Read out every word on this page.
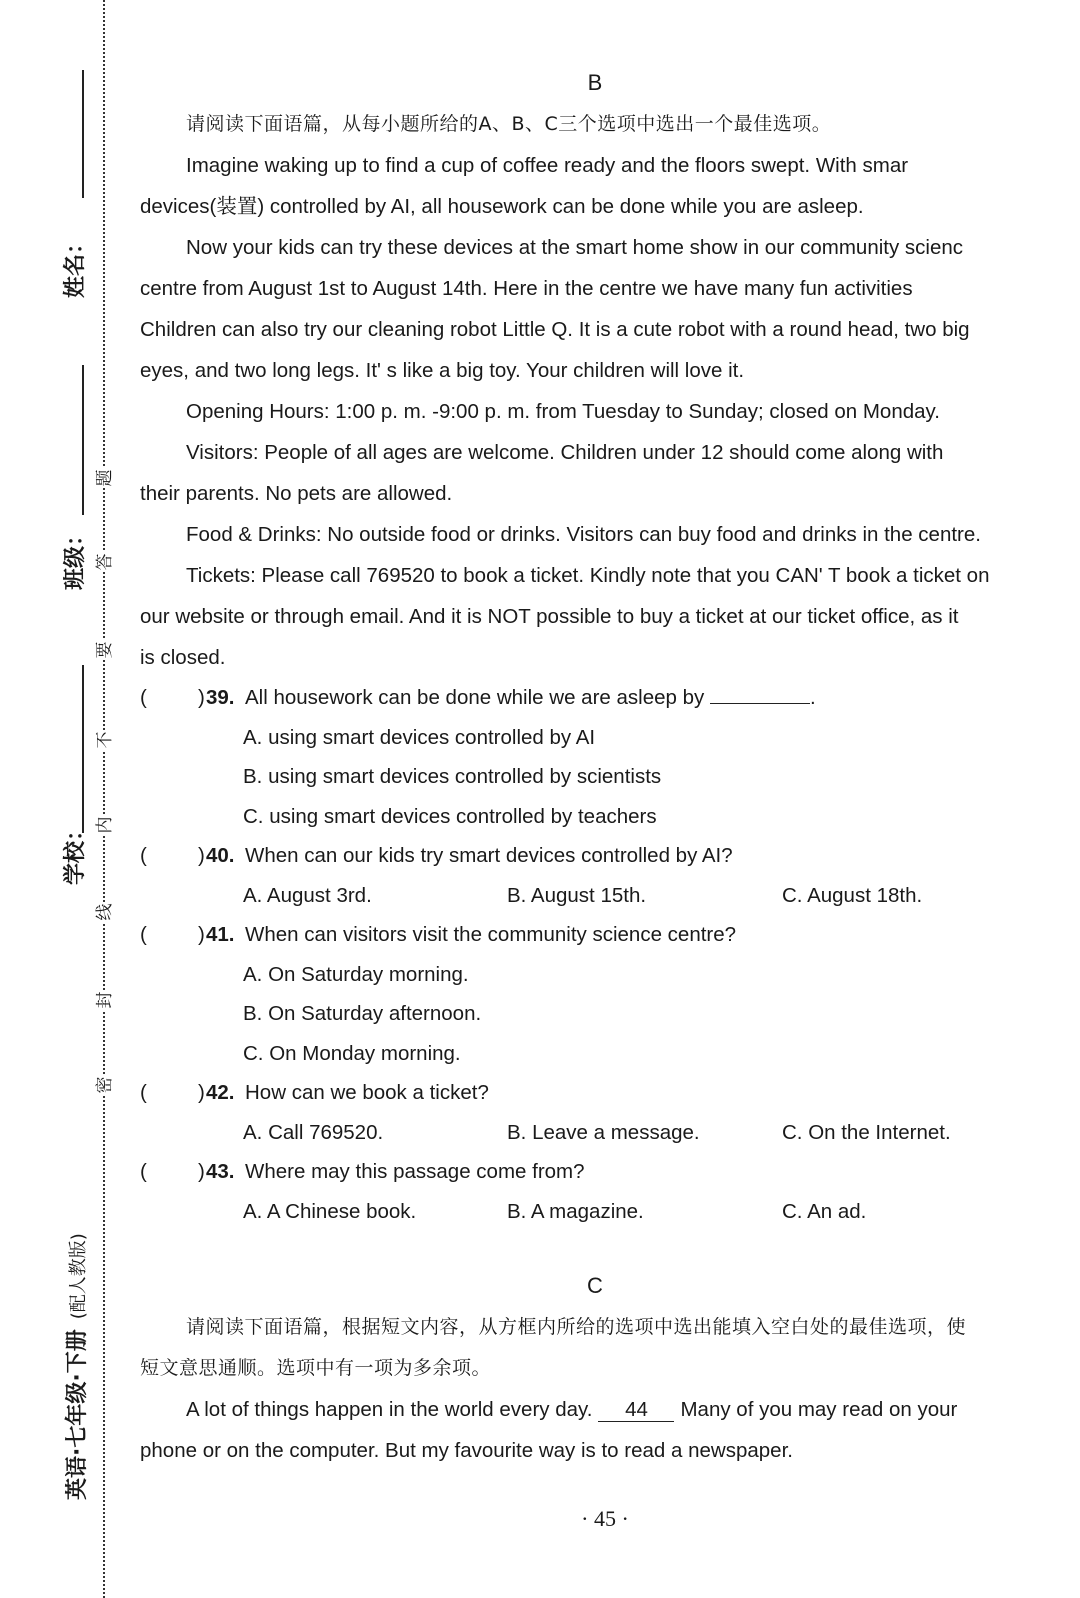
姓名：
班级：
学校：
题
答
要
不
内
线
封
密
英语·七年级·下册(配人教版)
B
请阅读下面语篇，从每小题所给的A、B、C三个选项中选出一个最佳选项。
Imagine waking up to find a cup of coffee ready and the floors swept. With smar
devices(装置) controlled by AI, all housework can be done while you are asleep.
Now your kids can try these devices at the smart home show in our community scienc
centre from August 1st to August 14th. Here in the centre we have many fun activities
Children can also try our cleaning robot Little Q. It is a cute robot with a round head, two big
eyes, and two long legs. It' s like a big toy. Your children will love it.
Opening Hours: 1:00 p. m. -9:00 p. m. from Tuesday to Sunday; closed on Monday.
Visitors: People of all ages are welcome. Children under 12 should come along with
their parents. No pets are allowed.
Food & Drinks: No outside food or drinks. Visitors can buy food and drinks in the centre.
Tickets: Please call 769520 to book a ticket. Kindly note that you CAN' T book a ticket on
our website or through email. And it is NOT possible to buy a ticket at our ticket office, as it
is closed.
( ) 39. All housework can be done while we are asleep by	.
A. using smart devices controlled by AI
B. using smart devices controlled by scientists
C. using smart devices controlled by teachers
( ) 40. When can our kids try smart devices controlled by AI?
A. August 3rd.	B. August 15th.	C. August 18th.
( ) 41. When can visitors visit the community science centre?
A. On Saturday morning.
B. On Saturday afternoon.
C. On Monday morning.
( ) 42. How can we book a ticket?
A. Call 769520.	B. Leave a message.	C. On the Internet.
( ) 43. Where may this passage come from?
A. A Chinese book.	B. A magazine.	C. An ad.
C
请阅读下面语篇，根据短文内容，从方框内所给的选项中选出能填入空白处的最佳选项，使
短文意思通顺。选项中有一项为多余项。
A lot of things happen in the world every day. 44 Many of you may read on your
phone or on the computer. But my favourite way is to read a newspaper.
· 45 ·
